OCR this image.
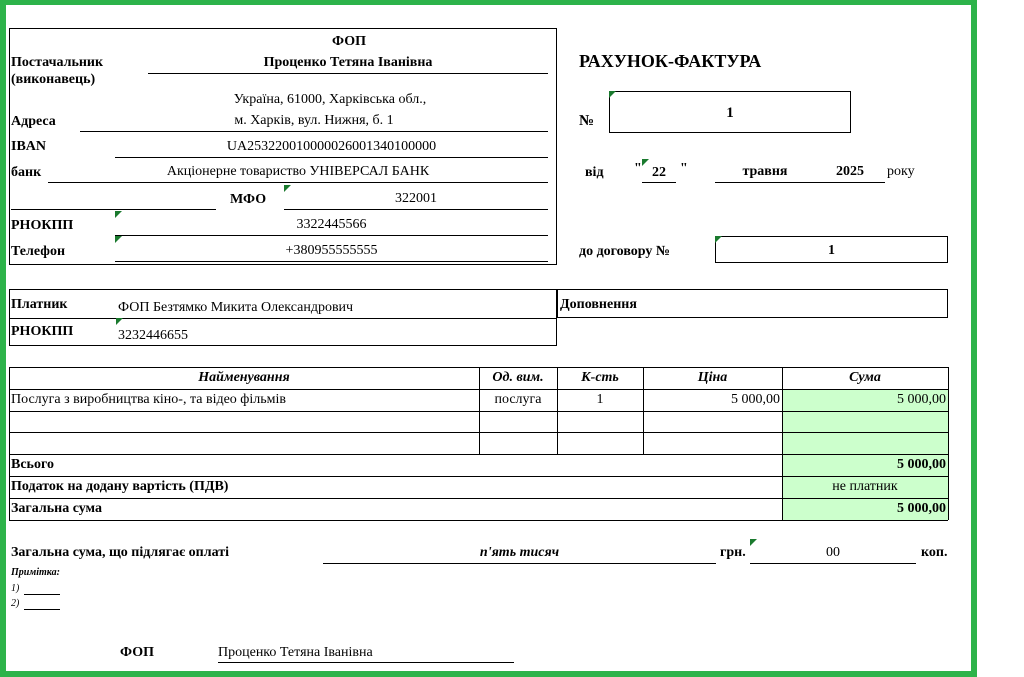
Постачальник
(виконавець)
ФОП
Проценко Тетяна Іванівна
Україна, 61000, Харківська обл.,
Адреса	м. Харків, вул. Нижня, б. 1
IBAN	UA253220010000026001340100000
банк	Акціонерне товариство УНІВЕРСАЛ БАНК
МФО	322001
РНОКПП	3322445566
Телефон	+380955555555
РАХУНОК-ФАКТУРА
№	1
від " 22	"	травня	2025	року
до договору №	1
Платник	ФОП Безтямко Микита Олександрович
РНОКПП	3232446655
Доповнення
Найменування	Од. вим.	К-сть	Ціна	Сума
Послуга з виробництва кіно-, та відео фільмів	послуга	1	5 000,00	5 000,00
Всього	5 000,00
Податок на додану вартість (ПДВ)	не платник
Загальна сума	5 000,00
Загальна сума, що підлягає оплаті	п'ять тисяч	грн.	00	коп.
Примітка:
1)
2)
ФОП	Проценко Тетяна Іванівна
